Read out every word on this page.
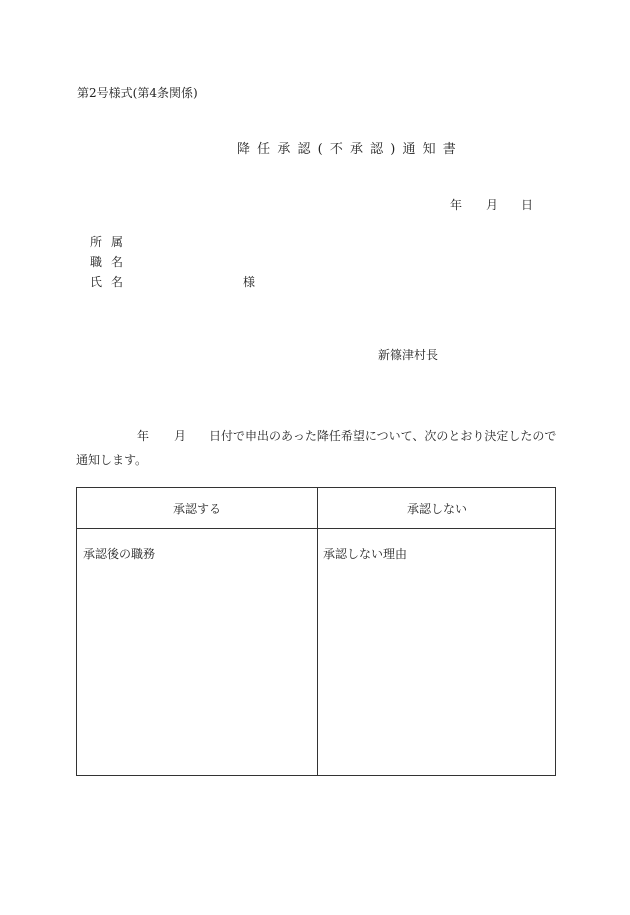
第2号様式(第4条関係)
降任承認(不承認)通知書
年 月 日
所属
職名
氏名	様
新篠津村長
年 月 日付で申出のあった降任希望について、次のとおり決定したので
通知します。
承認する	承認しない
承認後の職務	承認しない理由
